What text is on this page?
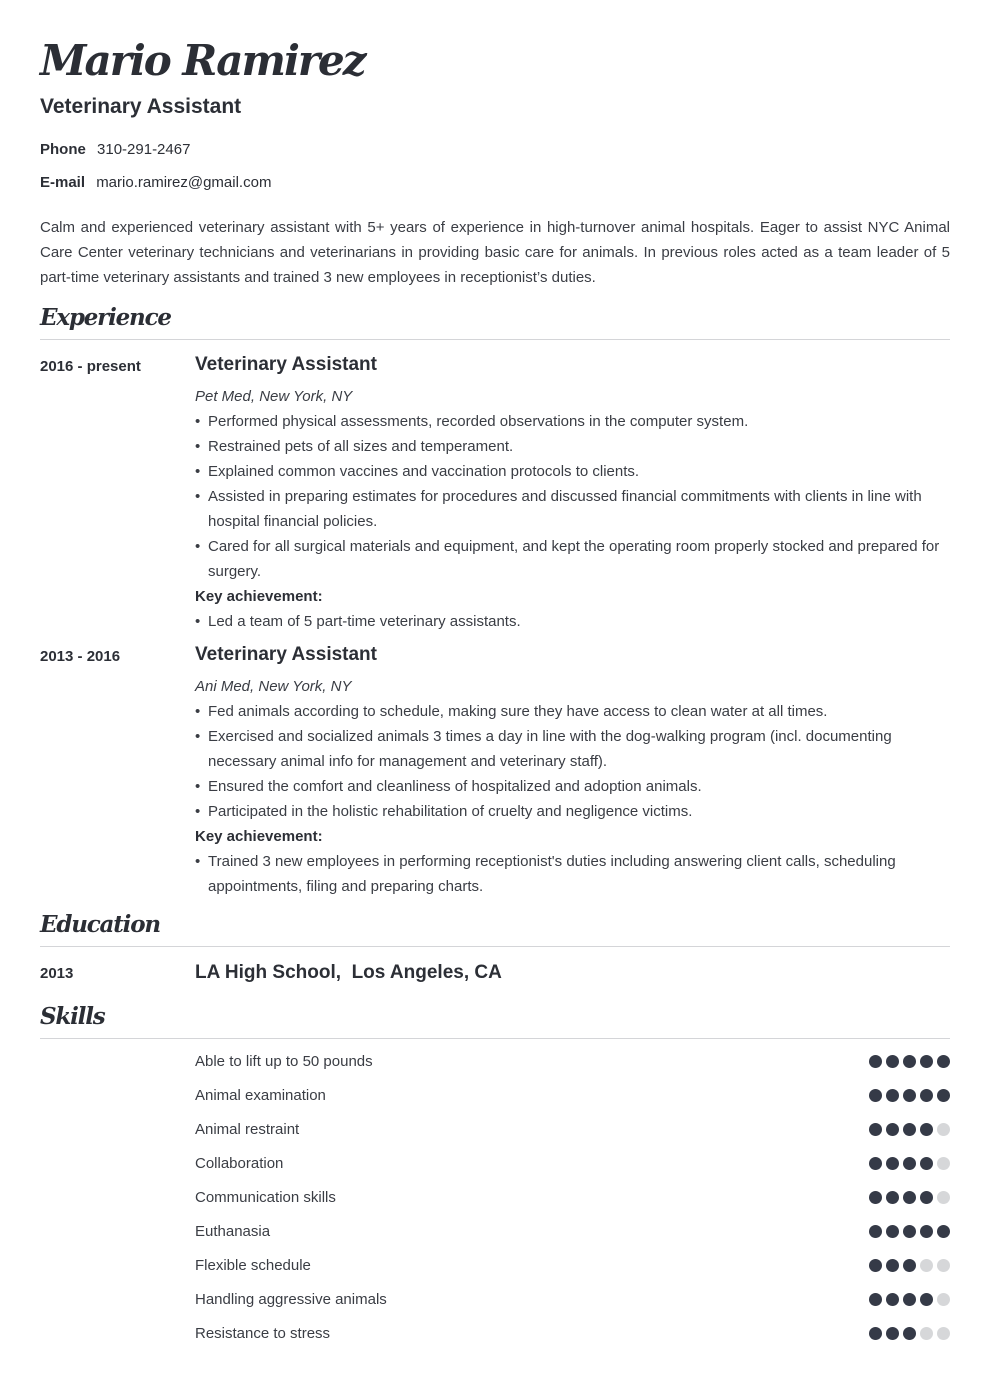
Mario Ramirez
Veterinary Assistant
Phone 310-291-2467
E-mail mario.ramirez@gmail.com

Calm and experienced veterinary assistant with 5+ years of experience in high-turnover animal hospitals. Eager to assist NYC Animal Care Center veterinary technicians and veterinarians in providing basic care for animals. In previous roles acted as a team leader of 5 part-time veterinary assistants and trained 3 new employees in receptionist’s duties.

Experience
2016 - present	Veterinary Assistant
Pet Med, New York, NY
• Performed physical assessments, recorded observations in the computer system.
• Restrained pets of all sizes and temperament.
• Explained common vaccines and vaccination protocols to clients.
• Assisted in preparing estimates for procedures and discussed financial commitments with clients in line with hospital financial policies.
• Cared for all surgical materials and equipment, and kept the operating room properly stocked and prepared for surgery.
Key achievement:
• Led a team of 5 part-time veterinary assistants.
2013 - 2016	Veterinary Assistant
Ani Med, New York, NY
• Fed animals according to schedule, making sure they have access to clean water at all times.
• Exercised and socialized animals 3 times a day in line with the dog-walking program (incl. documenting necessary animal info for management and veterinary staff).
• Ensured the comfort and cleanliness of hospitalized and adoption animals.
• Participated in the holistic rehabilitation of cruelty and negligence victims.
Key achievement:
• Trained 3 new employees in performing receptionist's duties including answering client calls, scheduling appointments, filing and preparing charts.
Education
2013	LA High School,  Los Angeles, CA
Skills
Able to lift up to 50 pounds
Animal examination
Animal restraint
Collaboration
Communication skills
Euthanasia
Flexible schedule
Handling aggressive animals
Resistance to stress
